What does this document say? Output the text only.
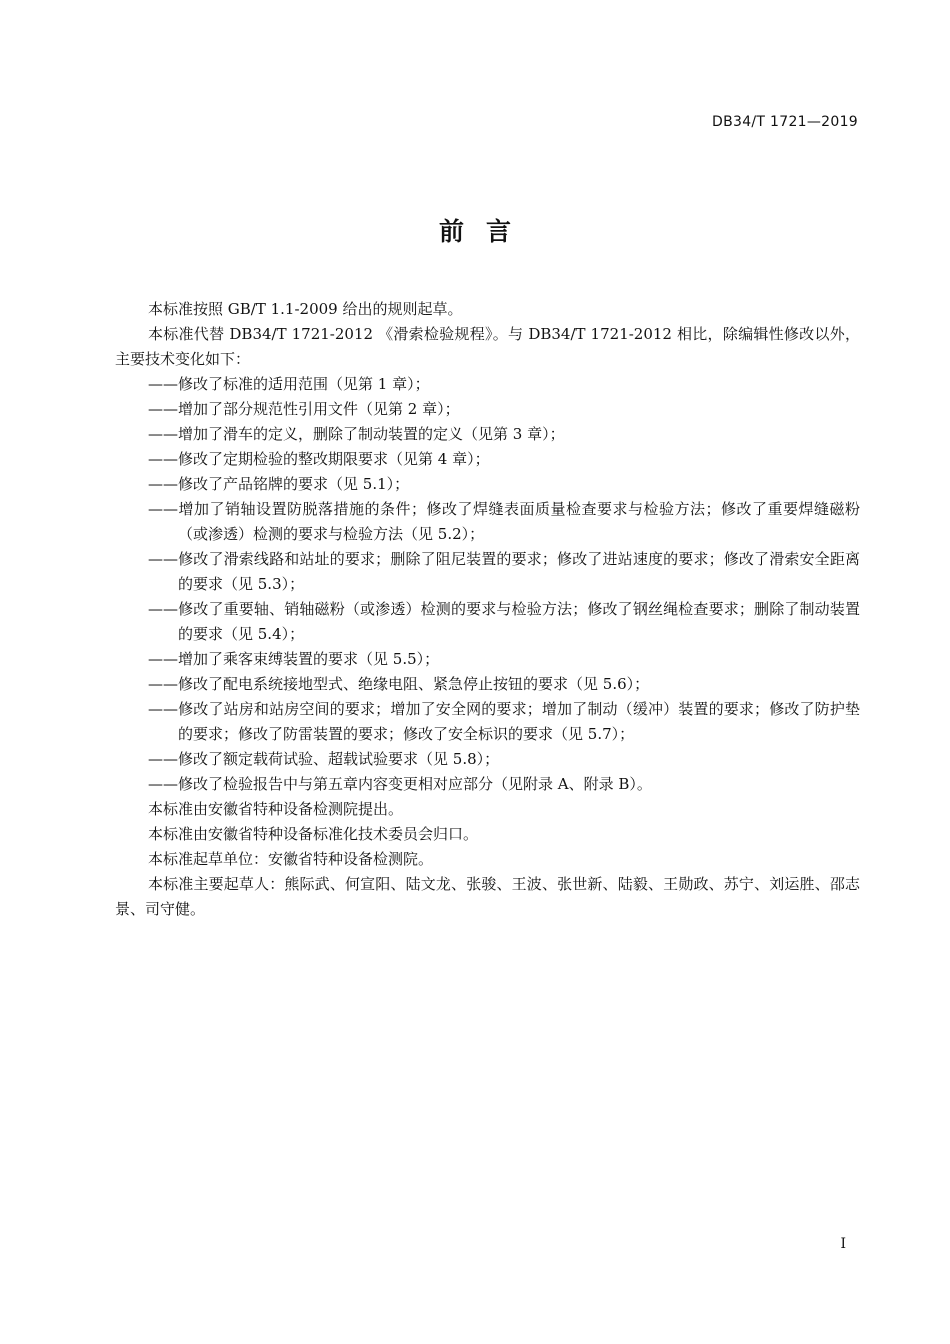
DB34/T 1721—2019
前言

本标准按照 GB/T 1.1-2009 给出的规则起草。

本标准代替 DB34/T 1721-2012 《滑索检验规程》。与 DB34/T 1721-2012 相比，除编辑性修改以外，主要技术变化如下：

——修改了标准的适用范围（见第 1 章）；

——增加了部分规范性引用文件（见第 2 章）；

——增加了滑车的定义，删除了制动装置的定义（见第 3 章）；

——修改了定期检验的整改期限要求（见第 4 章）；

——修改了产品铭牌的要求（见 5.1）；

——增加了销轴设置防脱落措施的条件；修改了焊缝表面质量检查要求与检验方法；修改了重要焊缝磁粉（或渗透）检测的要求与检验方法（见 5.2）；

——修改了滑索线路和站址的要求；删除了阻尼装置的要求；修改了进站速度的要求；修改了滑索安全距离的要求（见 5.3）；

——修改了重要轴、销轴磁粉（或渗透）检测的要求与检验方法；修改了钢丝绳检查要求；删除了制动装置的要求（见 5.4）；

——增加了乘客束缚装置的要求（见 5.5）；

——修改了配电系统接地型式、绝缘电阻、紧急停止按钮的要求（见 5.6）；

——修改了站房和站房空间的要求；增加了安全网的要求；增加了制动（缓冲）装置的要求；修改了防护垫的要求；修改了防雷装置的要求；修改了安全标识的要求（见 5.7）；

——修改了额定载荷试验、超载试验要求（见 5.8）；

——修改了检验报告中与第五章内容变更相对应部分（见附录 A、附录 B）。

本标准由安徽省特种设备检测院提出。

本标准由安徽省特种设备标准化技术委员会归口。

本标准起草单位：安徽省特种设备检测院。

本标准主要起草人：熊际武、何宣阳、陆文龙、张骏、王波、张世新、陆毅、王勋政、苏宁、刘运胜、邵志景、司守健。

I
